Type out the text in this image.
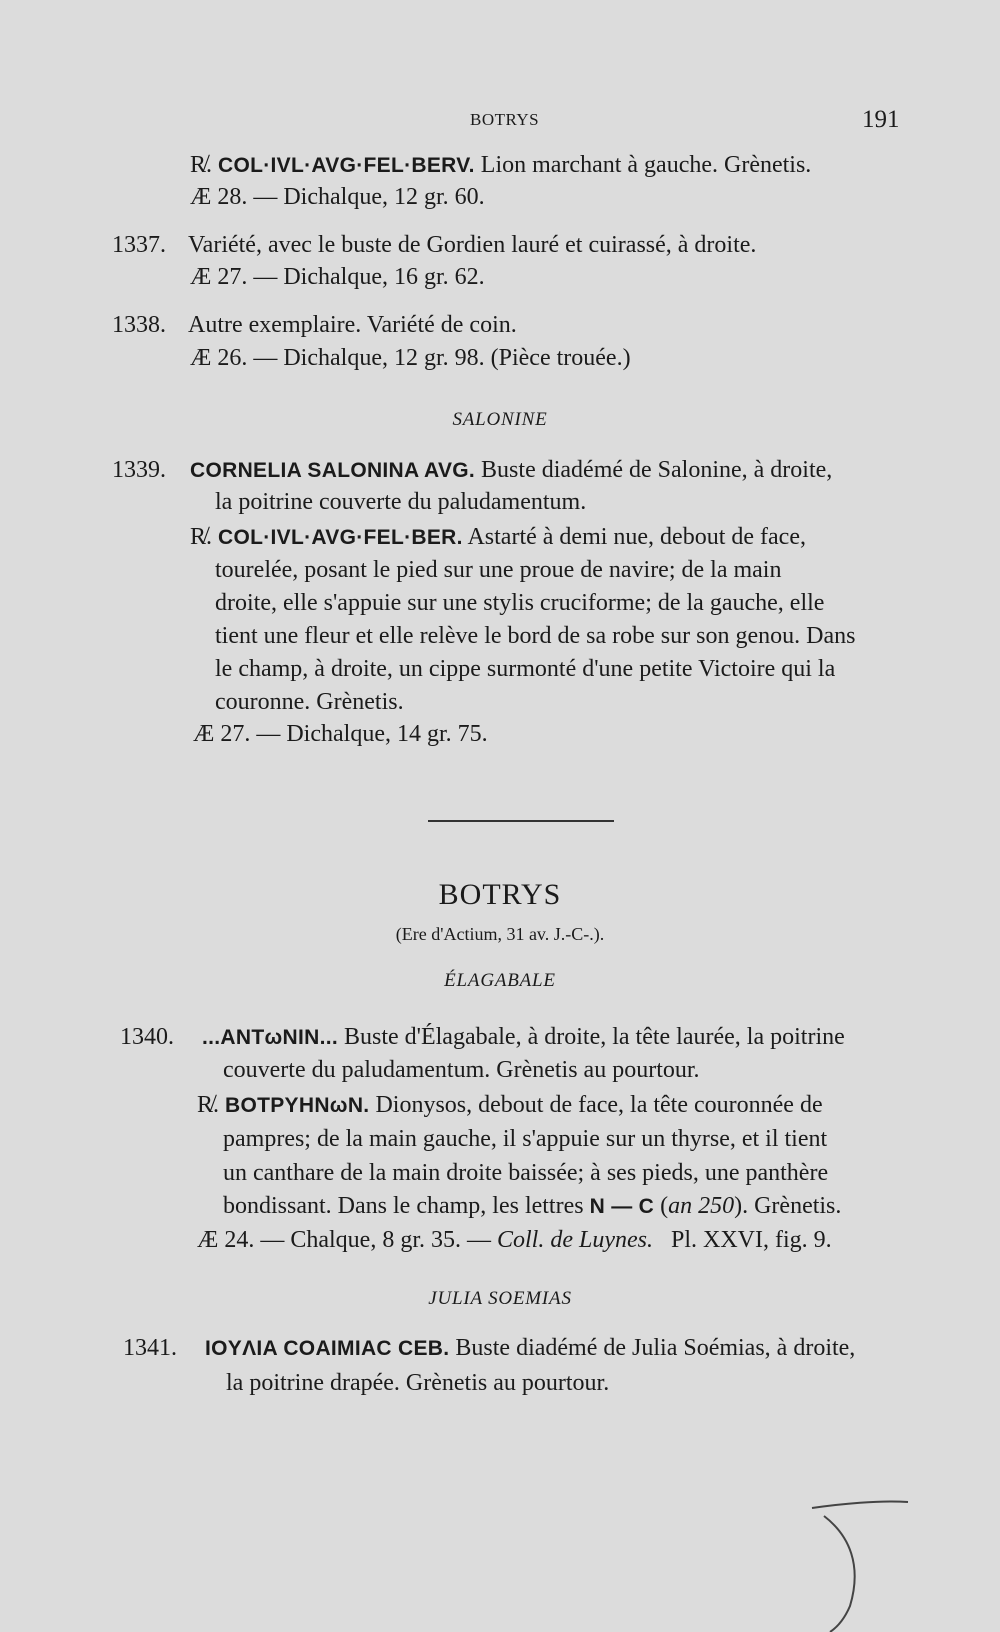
BOTRYS	191
R̸. COL·IVL·AVG·FEL·BERV. Lion marchant à gauche. Grènetis.
Æ 28. — Dichalque, 12 gr. 60.
1337. Variété, avec le buste de Gordien lauré et cuirassé, à droite.
Æ 27. — Dichalque, 16 gr. 62.
1338. Autre exemplaire. Variété de coin.
Æ 26. — Dichalque, 12 gr. 98. (Pièce trouée.)
SALONINE
1339. CORNELIA SALONINA AVG. Buste diadémé de Salonine, à droite,
la poitrine couverte du paludamentum.
R̸. COL·IVL·AVG·FEL·BER. Astarté à demi nue, debout de face,
tourelée, posant le pied sur une proue de navire; de la main
droite, elle s'appuie sur une stylis cruciforme; de la gauche, elle
tient une fleur et elle relève le bord de sa robe sur son genou. Dans
le champ, à droite, un cippe surmonté d'une petite Victoire qui la
couronne. Grènetis.
Æ 27. — Dichalque, 14 gr. 75.
BOTRYS
(Ere d'Actium, 31 av. J.-C-.).
ÉLAGABALE
1340. ...ANTωNIN... Buste d'Élagabale, à droite, la tête laurée, la poitrine
couverte du paludamentum. Grènetis au pourtour.
R̸. BOTPYHNωN. Dionysos, debout de face, la tête couronnée de
pampres; de la main gauche, il s'appuie sur un thyrse, et il tient
un canthare de la main droite baissée; à ses pieds, une panthère
bondissant. Dans le champ, les lettres N — C (an 250). Grènetis.
Æ 24. — Chalque, 8 gr. 35. — Coll. de Luynes.   Pl. XXVI, fig. 9.
JULIA SOEMIAS
1341. IOYΛIA COAIMIAC CEB. Buste diadémé de Julia Soémias, à droite,
la poitrine drapée. Grènetis au pourtour.
